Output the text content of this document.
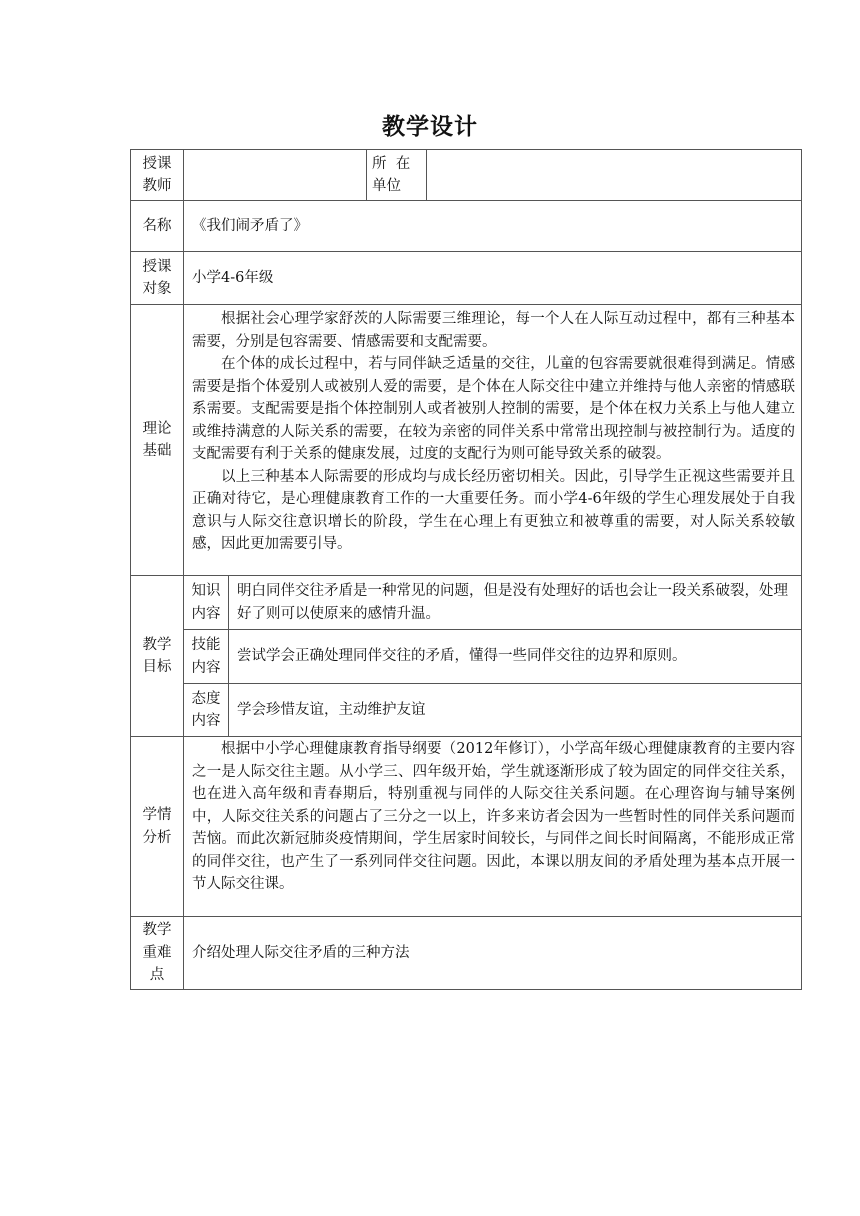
教学设计
授课教师			所  在单位	
名称	《我们闹矛盾了》			
授课对象	小学4-6年级			
理论基础	根据社会心理学家舒茨的人际需要三维理论，每一个人在人际互动过程中，都有三种基本需要，分别是包容需要、情感需要和支配需要。

在个体的成长过程中，若与同伴缺乏适量的交往，儿童的包容需要就很难得到满足。情感需要是指个体爱别人或被别人爱的需要，是个体在人际交往中建立并维持与他人亲密的情感联系需要。支配需要是指个体控制别人或者被别人控制的需要，是个体在权力关系上与他人建立或维持满意的人际关系的需要，在较为亲密的同伴关系中常常出现控制与被控制行为。适度的支配需要有利于关系的健康发展，过度的支配行为则可能导致关系的破裂。

以上三种基本人际需要的形成均与成长经历密切相关。因此，引导学生正视这些需要并且正确对待它，是心理健康教育工作的一大重要任务。而小学4-6年级的学生心理发展处于自我意识与人际交往意识增长的阶段，学生在心理上有更独立和被尊重的需要，对人际关系较敏感，因此更加需要引导。			

教学目标	知识内容	明白同伴交往矛盾是一种常见的问题，但是没有处理好的话也会让一段关系破裂，处理好了则可以使原来的感情升温。		
	技能内容	尝试学会正确处理同伴交往的矛盾，懂得一些同伴交往的边界和原则。		
	态度内容	学会珍惜友谊，主动维护友谊		
学情分析	根据中小学心理健康教育指导纲要（2012年修订），小学高年级心理健康教育的主要内容之一是人际交往主题。从小学三、四年级开始，学生就逐渐形成了较为固定的同伴交往关系，也在进入高年级和青春期后，特别重视与同伴的人际交往关系问题。在心理咨询与辅导案例中，人际交往关系的问题占了三分之一以上，许多来访者会因为一些暂时性的同伴关系问题而苦恼。而此次新冠肺炎疫情期间，学生居家时间较长，与同伴之间长时间隔离，不能形成正常的同伴交往，也产生了一系列同伴交往问题。因此，本课以朋友间的矛盾处理为基本点开展一节人际交往课。			

教学重难点	介绍处理人际交往矛盾的三种方法			
